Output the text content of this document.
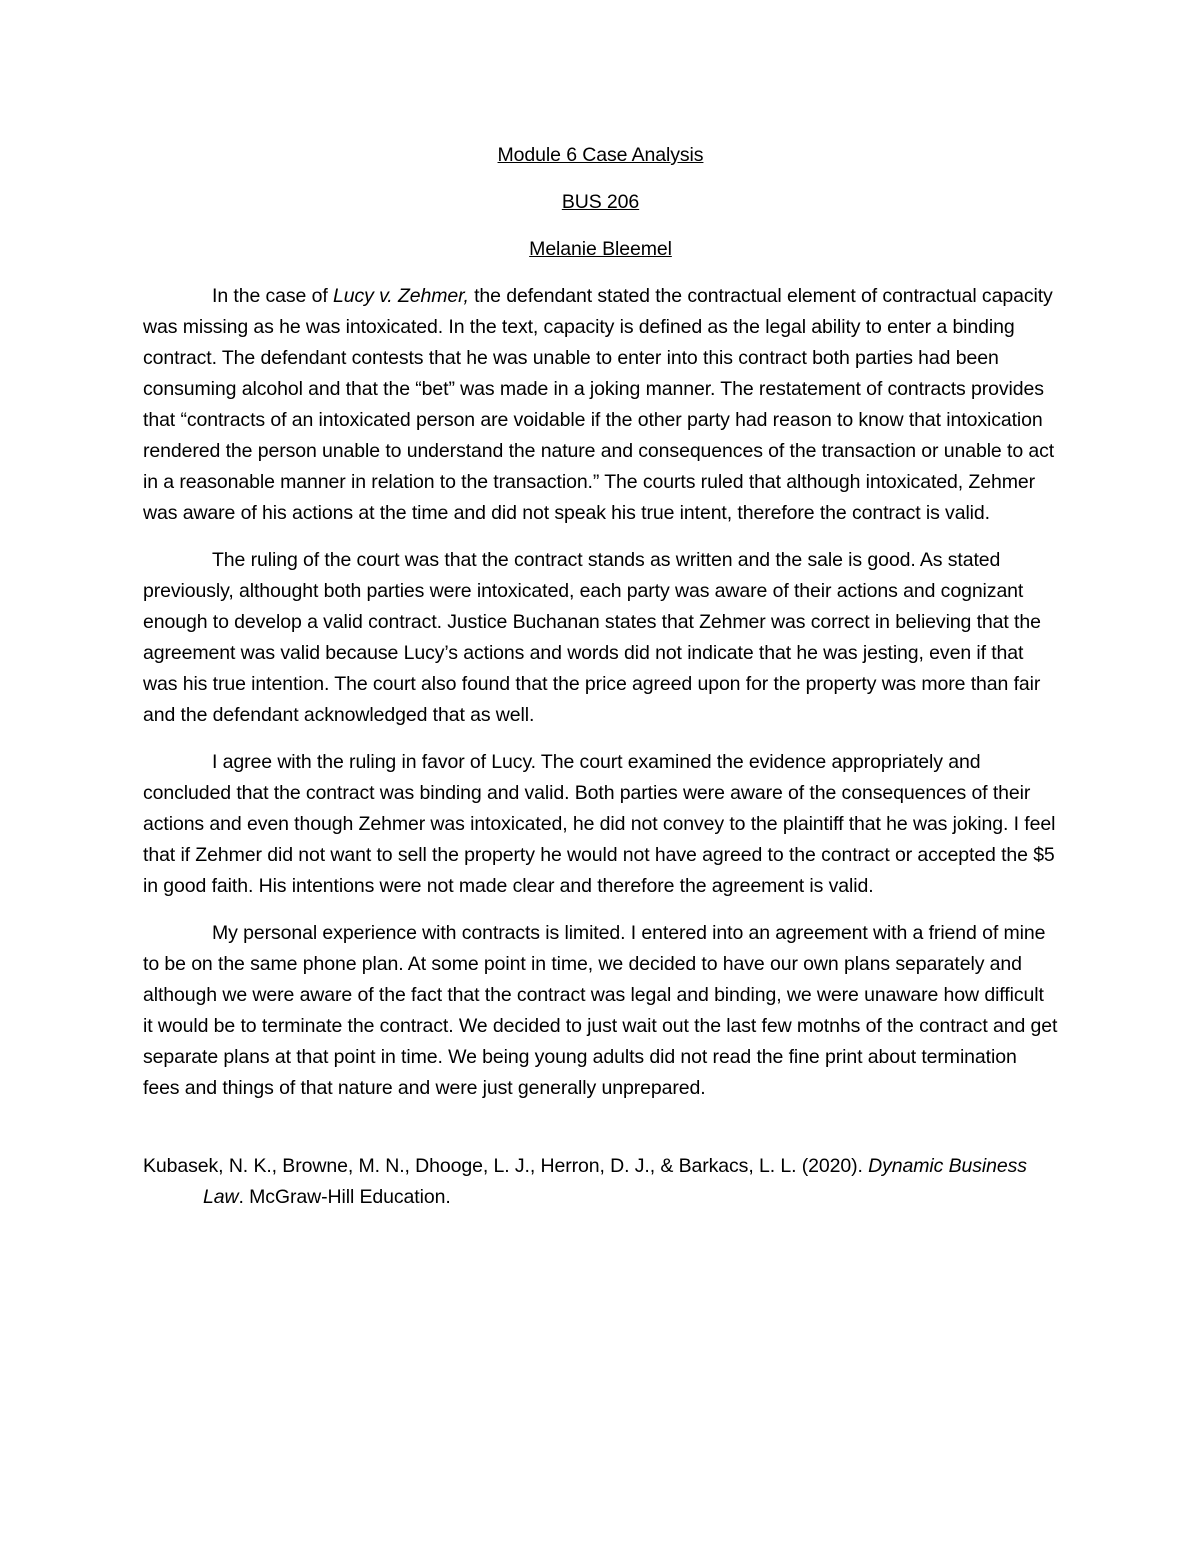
Module 6 Case Analysis
BUS 206
Melanie Bleemel

In the case of Lucy v. Zehmer, the defendant stated the contractual element of contractual capacity was missing as he was intoxicated. In the text, capacity is defined as the legal ability to enter a binding contract. The defendant contests that he was unable to enter into this contract both parties had been consuming alcohol and that the “bet” was made in a joking manner. The restatement of contracts provides that “contracts of an intoxicated person are voidable if the other party had reason to know that intoxication rendered the person unable to understand the nature and consequences of the transaction or unable to act in a reasonable manner in relation to the transaction.” The courts ruled that although intoxicated, Zehmer was aware of his actions at the time and did not speak his true intent, therefore the contract is valid.

The ruling of the court was that the contract stands as written and the sale is good. As stated previously, althought both parties were intoxicated, each party was aware of their actions and cognizant enough to develop a valid contract. Justice Buchanan states that Zehmer was correct in believing that the agreement was valid because Lucy’s actions and words did not indicate that he was jesting, even if that was his true intention. The court also found that the price agreed upon for the property was more than fair and the defendant acknowledged that as well.

I agree with the ruling in favor of Lucy. The court examined the evidence appropriately and concluded that the contract was binding and valid. Both parties were aware of the consequences of their actions and even though Zehmer was intoxicated, he did not convey to the plaintiff that he was joking. I feel that if Zehmer did not want to sell the property he would not have agreed to the contract or accepted the $5 in good faith. His intentions were not made clear and therefore the agreement is valid.

My personal experience with contracts is limited. I entered into an agreement with a friend of mine to be on the same phone plan. At some point in time, we decided to have our own plans separately and although we were aware of the fact that the contract was legal and binding, we were unaware how difficult it would be to terminate the contract. We decided to just wait out the last few motnhs of the contract and get separate plans at that point in time. We being young adults did not read the fine print about termination fees and things of that nature and were just generally unprepared.

Kubasek, N. K., Browne, M. N., Dhooge, L. J., Herron, D. J., & Barkacs, L. L. (2020). Dynamic Business Law. McGraw-Hill Education.
